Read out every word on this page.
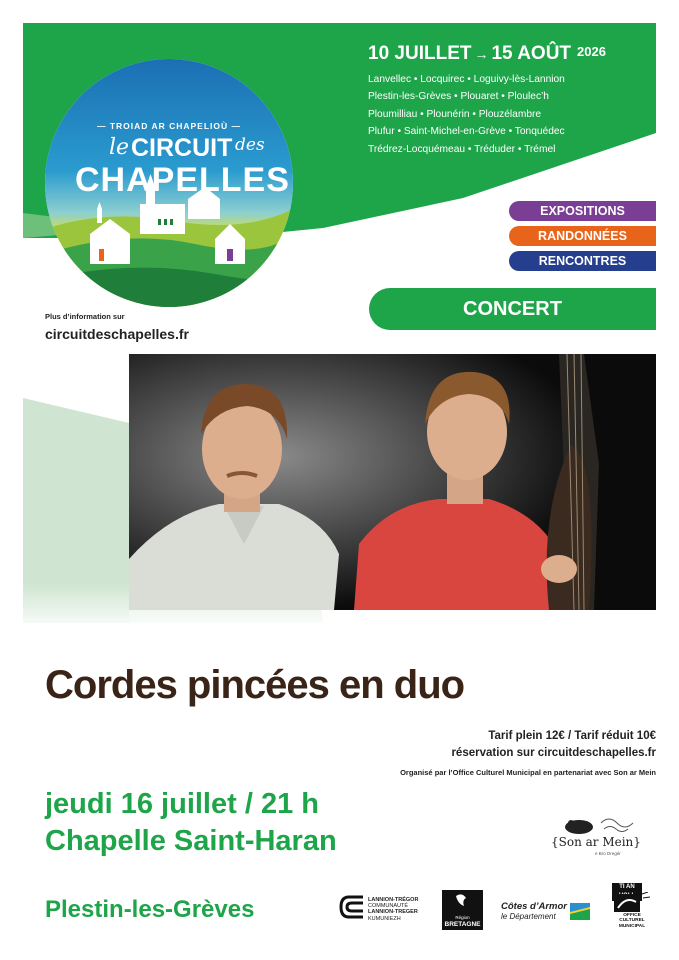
10 JUILLET → 15 AOÛT 2026
Lanvellec • Locquirec • Loguivy-lès-Lannion
Plestin-les-Grèves • Plouaret • Ploulec’h
Ploumilliau • Plounérin • Plouzélambre
Plufur • Saint-Michel-en-Grève • Tonquédec
Trédrez-Locquémeau • Tréduder • Trémel
— TROIAD AR CHAPELIOÙ —
le CIRCUIT des
CHAPELLES
Plus d’information sur
circuitdeschapelles.fr
EXPOSITIONS
RANDONNÉES
RENCONTRES
CONCERT
Cordes pincées en duo
Tarif plein 12€ / Tarif réduit 10€
réservation sur circuitdeschapelles.fr
Organisé par l’Office Culturel Municipal en partenariat avec Son ar Mein
jeudi 16 juillet / 21 h
Chapelle Saint-Haran
Plestin-les-Grèves
{Son ar Mein}
e Bro Dregér
LANNION-TRÉGOR
COMMUNAUTÉ
LANNION-TREGER
KUMUNIEZH	Région
BRETAGNE
Côtes d’Armor
le Département
TI AN
OFFICE
CULTUREL
MUNICIPAL
